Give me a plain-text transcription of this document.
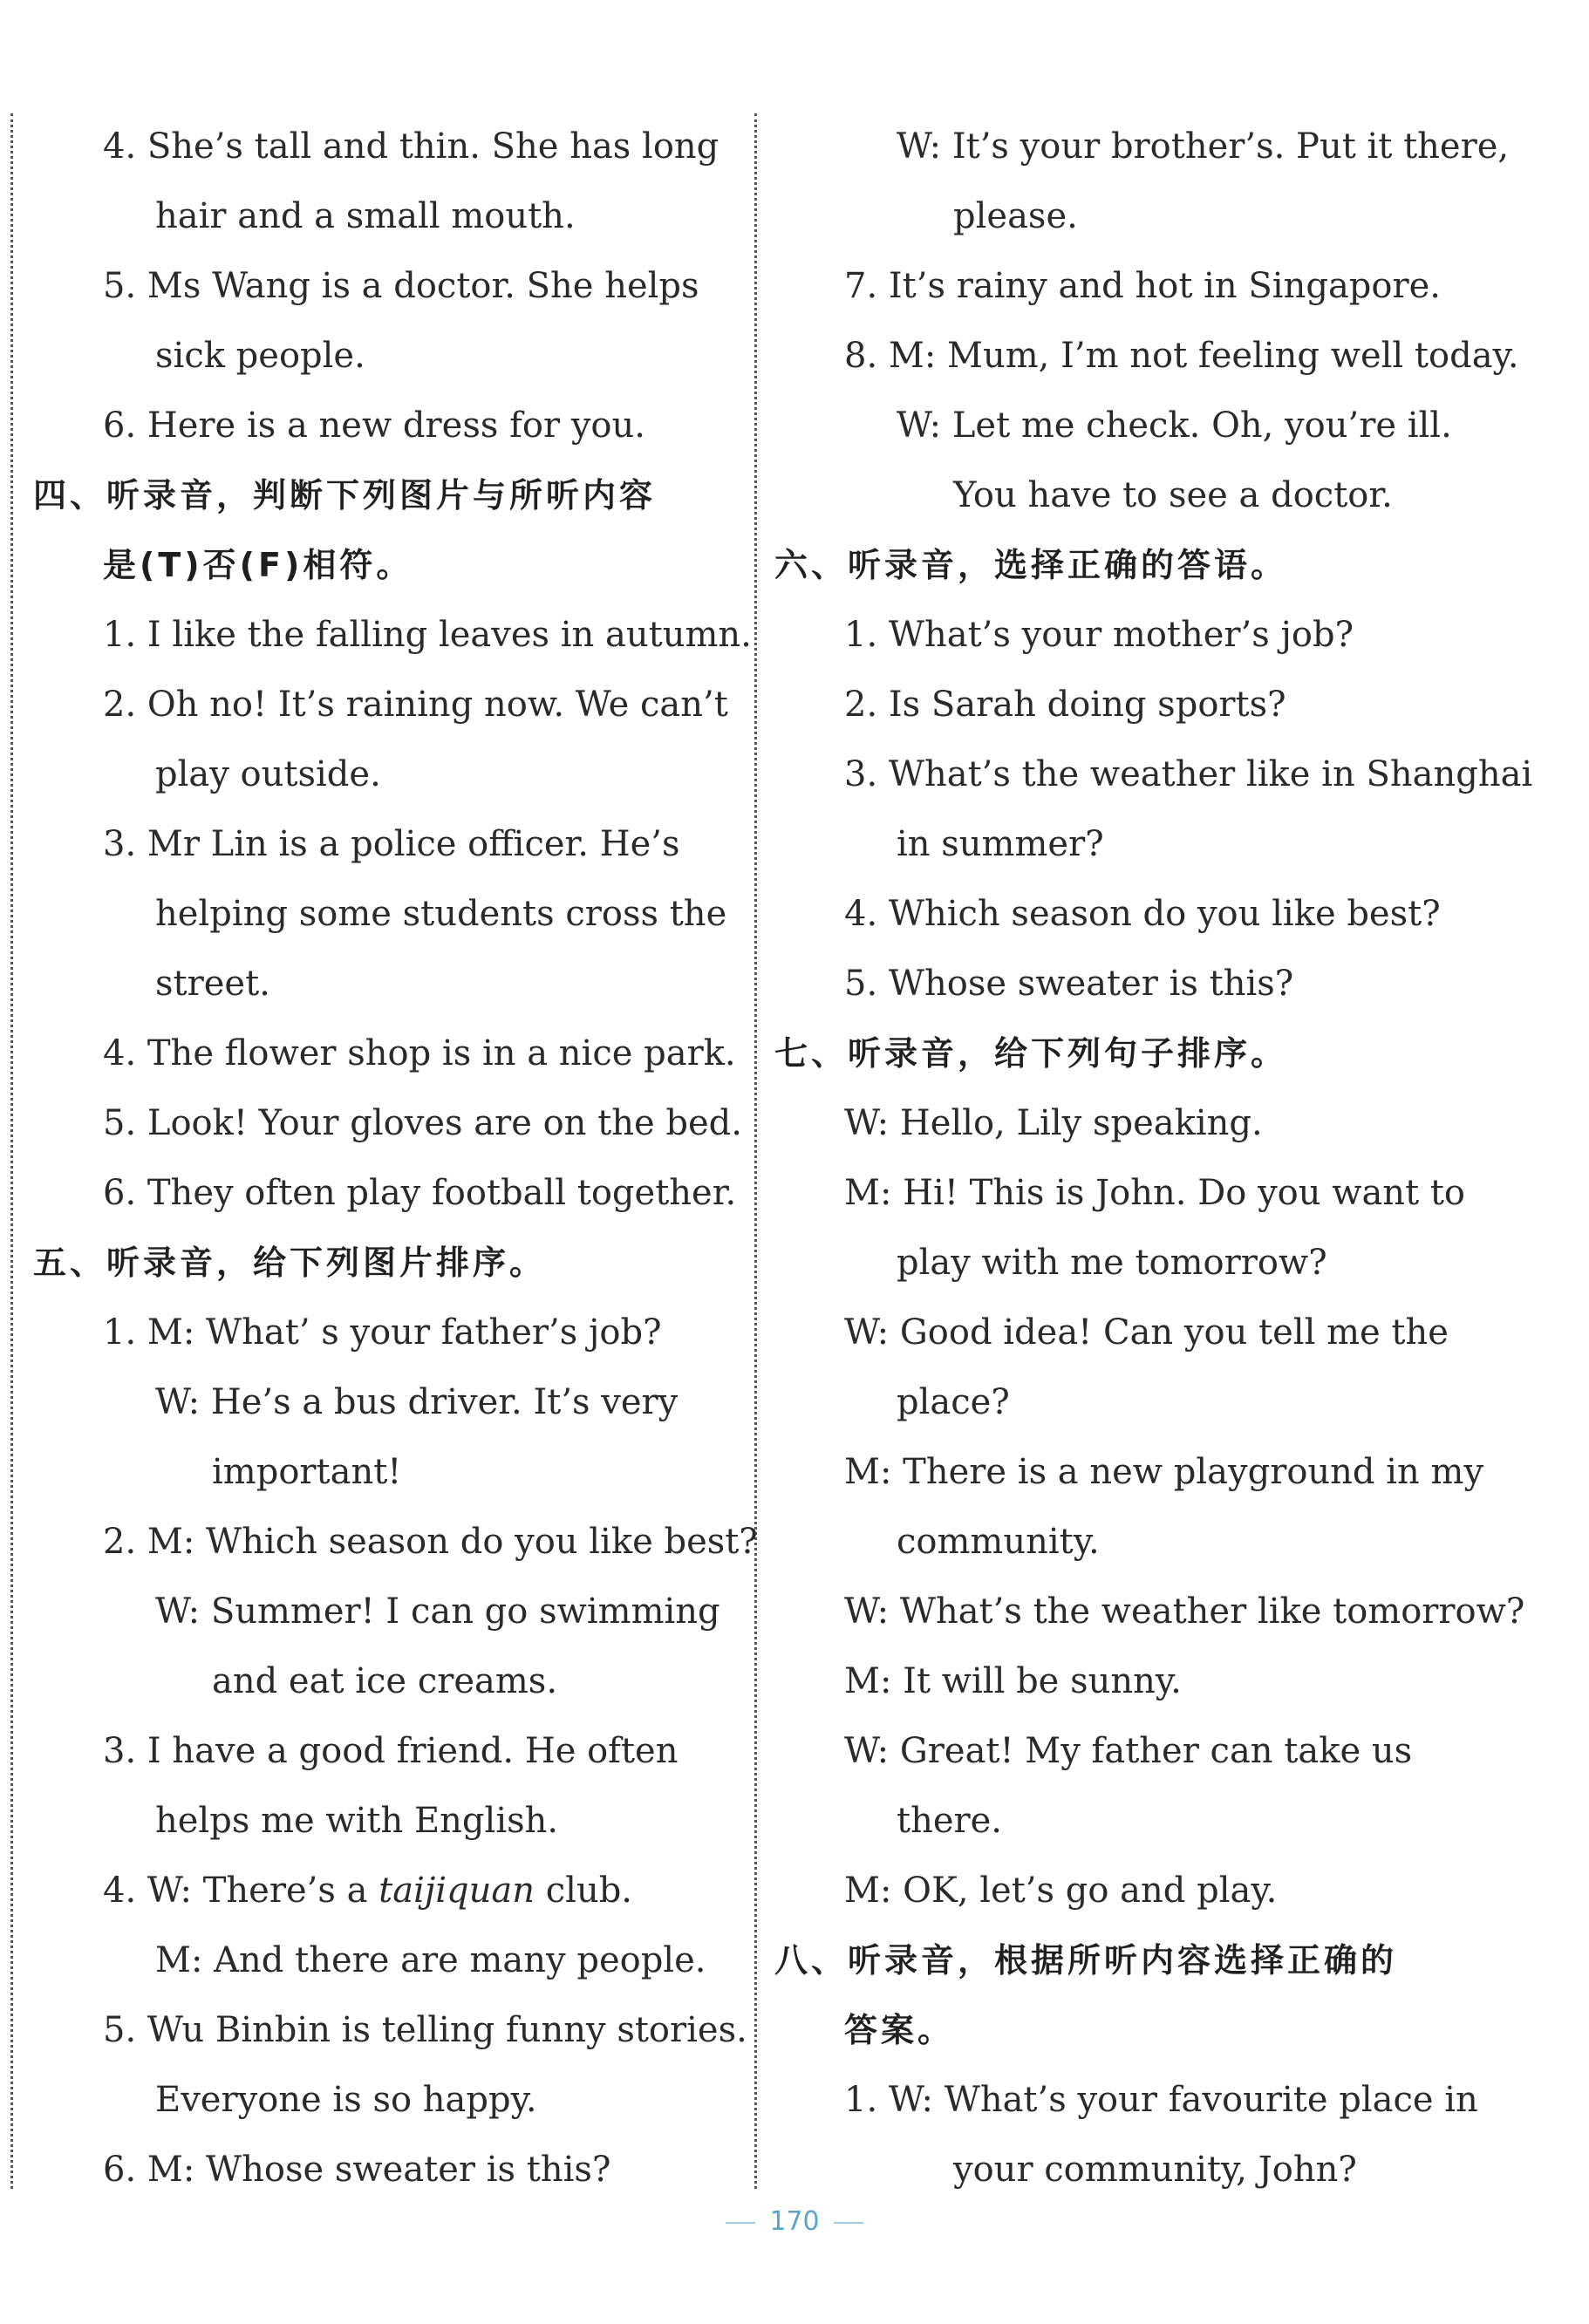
4. She’s tall and thin. She has long
hair and a small mouth.
5. Ms Wang is a doctor. She helps
sick people.
6. Here is a new dress for you.
四、听录音，判断下列图片与所听内容
是(T)否(F)相符。
1. I like the falling leaves in autumn.
2. Oh no! It’s raining now. We can’t
play outside.
3. Mr Lin is a police officer. He’s
helping some students cross the
street.
4. The flower shop is in a nice park.
5. Look! Your gloves are on the bed.
6. They often play football together.
五、听录音，给下列图片排序。
1. M: What’ s your father’s job?
W: He’s a bus driver. It’s very
important!
2. M: Which season do you like best?
W: Summer! I can go swimming
and eat ice creams.
3. I have a good friend. He often
helps me with English.
4. W: There’s a taijiquan club.
M: And there are many people.
5. Wu Binbin is telling funny stories.
Everyone is so happy.
6. M: Whose sweater is this?
W: It’s your brother’s. Put it there,
please.
7. It’s rainy and hot in Singapore.
8. M: Mum, I’m not feeling well today.
W: Let me check. Oh, you’re ill.
You have to see a doctor.
六、听录音，选择正确的答语。
1. What’s your mother’s job?
2. Is Sarah doing sports?
3. What’s the weather like in Shanghai
in summer?
4. Which season do you like best?
5. Whose sweater is this?
七、听录音，给下列句子排序。
W: Hello, Lily speaking.
M: Hi! This is John. Do you want to
play with me tomorrow?
W: Good idea! Can you tell me the
place?
M: There is a new playground in my
community.
W: What’s the weather like tomorrow?
M: It will be sunny.
W: Great! My father can take us
there.
M: OK, let’s go and play.
八、听录音，根据所听内容选择正确的
答案。
1. W: What’s your favourite place in
your community, John?
170
